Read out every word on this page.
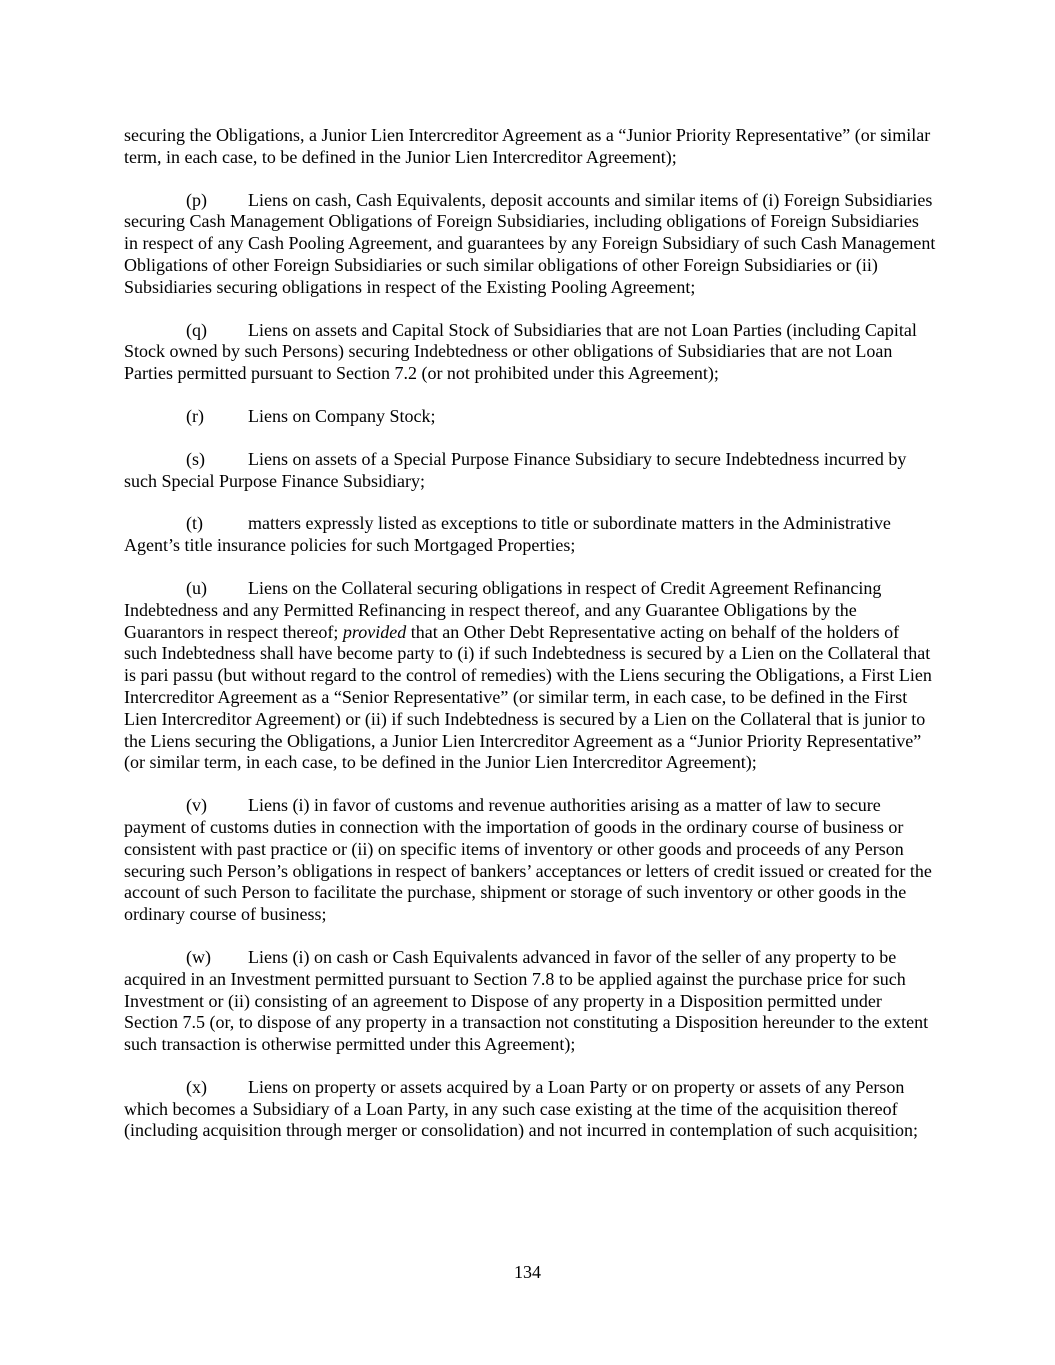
securing the Obligations, a Junior Lien Intercreditor Agreement as a “Junior Priority Representative” (or similar term, in each case, to be defined in the Junior Lien Intercreditor Agreement);

(p) Liens on cash, Cash Equivalents, deposit accounts and similar items of (i) Foreign Subsidiaries securing Cash Management Obligations of Foreign Subsidiaries, including obligations of Foreign Subsidiaries in respect of any Cash Pooling Agreement, and guarantees by any Foreign Subsidiary of such Cash Management Obligations of other Foreign Subsidiaries or such similar obligations of other Foreign Subsidiaries or (ii) Subsidiaries securing obligations in respect of the Existing Pooling Agreement;

(q) Liens on assets and Capital Stock of Subsidiaries that are not Loan Parties (including Capital Stock owned by such Persons) securing Indebtedness or other obligations of Subsidiaries that are not Loan Parties permitted pursuant to Section 7.2 (or not prohibited under this Agreement);

(r) Liens on Company Stock;

(s) Liens on assets of a Special Purpose Finance Subsidiary to secure Indebtedness incurred by such Special Purpose Finance Subsidiary;

(t)	matters expressly listed as exceptions to title or subordinate matters in the Administrative Agent’s title insurance policies for such Mortgaged Properties;

(u) Liens on the Collateral securing obligations in respect of Credit Agreement Refinancing Indebtedness and any Permitted Refinancing in respect thereof, and any Guarantee Obligations by the Guarantors in respect thereof; provided that an Other Debt Representative acting on behalf of the holders of such Indebtedness shall have become party to (i) if such Indebtedness is secured by a Lien on the Collateral that is pari passu (but without regard to the control of remedies) with the Liens securing the Obligations, a First Lien Intercreditor Agreement as a “Senior Representative” (or similar term, in each case, to be defined in the First Lien Intercreditor Agreement) or (ii) if such Indebtedness is secured by a Lien on the Collateral that is junior to the Liens securing the Obligations, a Junior Lien Intercreditor Agreement as a “Junior Priority Representative” (or similar term, in each case, to be defined in the Junior Lien Intercreditor Agreement);

(v) Liens (i) in favor of customs and revenue authorities arising as a matter of law to secure payment of customs duties in connection with the importation of goods in the ordinary course of business or consistent with past practice or (ii) on specific items of inventory or other goods and proceeds of any Person securing such Person’s obligations in respect of bankers’ acceptances or letters of credit issued or created for the account of such Person to facilitate the purchase, shipment or storage of such inventory or other goods in the ordinary course of business;

(w) Liens (i) on cash or Cash Equivalents advanced in favor of the seller of any property to be acquired in an Investment permitted pursuant to Section 7.8 to be applied against the purchase price for such Investment or (ii) consisting of an agreement to Dispose of any property in a Disposition permitted under Section 7.5 (or, to dispose of any property in a transaction not constituting a Disposition hereunder to the extent such transaction is otherwise permitted under this Agreement);

(x) Liens on property or assets acquired by a Loan Party or on property or assets of any Person which becomes a Subsidiary of a Loan Party, in any such case existing at the time of the acquisition thereof (including acquisition through merger or consolidation) and not incurred in contemplation of such acquisition;

134
